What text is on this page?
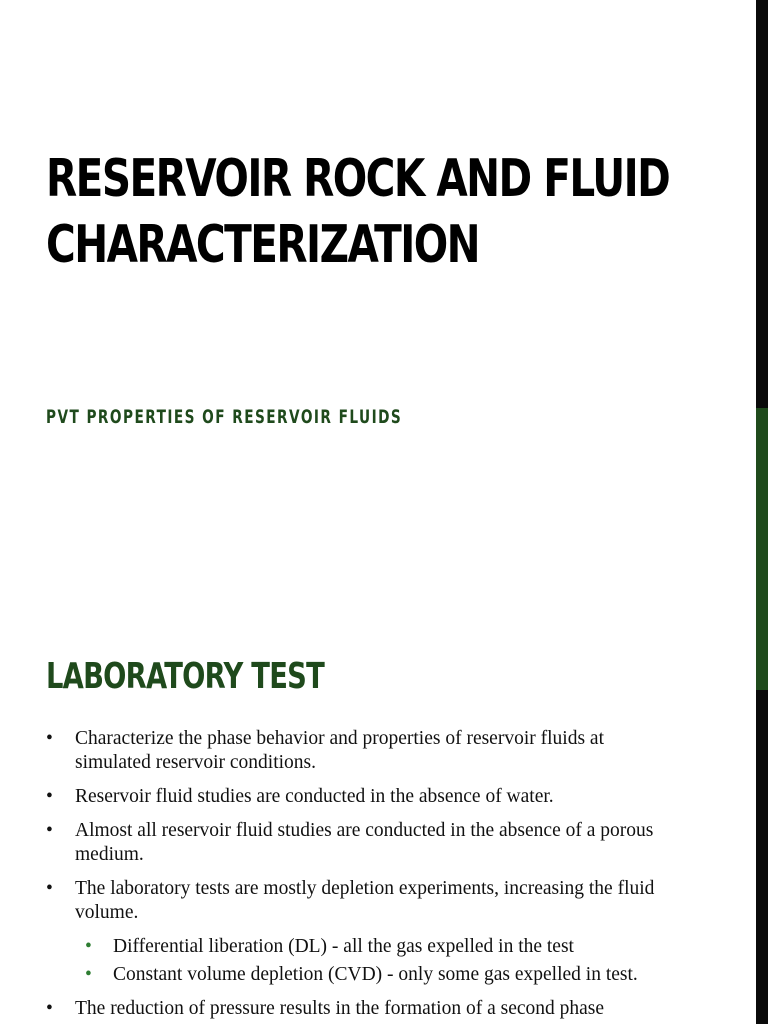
RESERVOIR ROCK AND FLUID
CHARACTERIZATION
PVT PROPERTIES OF RESERVOIR FLUIDS
LABORATORY TEST
• Characterize the phase behavior and properties of reservoir fluids at simulated reservoir conditions.
• Reservoir fluid studies are conducted in the absence of water.
• Almost all reservoir fluid studies are conducted in the absence of a porous medium.
• The laboratory tests are mostly depletion experiments, increasing the fluid volume.
• Differential liberation (DL) - all the gas expelled in the test
• Constant volume depletion (CVD) - only some gas expelled in test.
• The reduction of pressure results in the formation of a second phase
